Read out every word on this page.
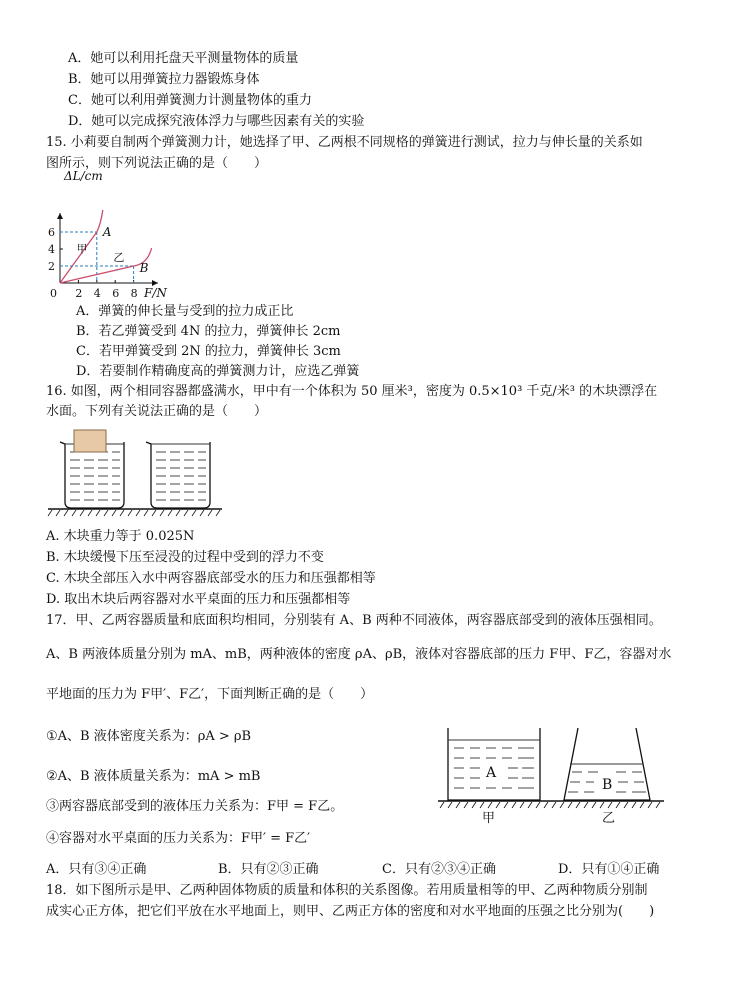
A．她可以利用托盘天平测量物体的质量
B．她可以用弹簧拉力器锻炼身体
C．她可以利用弹簧测力计测量物体的重力
D．她可以完成探究液体浮力与哪些因素有关的实验
15. 小莉要自制两个弹簧测力计，她选择了甲、乙两根不同规格的弹簧进行测试，拉力与伸长量的关系如
图所示，则下列说法正确的是（　　）
0 2 4 6 8
2
4
6
ΔL/cm
F/N
A
甲
B
乙
A．弹簧的伸长量与受到的拉力成正比
B．若乙弹簧受到 4N 的拉力，弹簧伸长 2cm
C．若甲弹簧受到 2N 的拉力，弹簧伸长 3cm
D．若要制作精确度高的弹簧测力计，应选乙弹簧
16. 如图，两个相同容器都盛满水，甲中有一个体积为 50 厘米³，密度为 0.5×10³ 千克/米³ 的木块漂浮在
水面。下列有关说法正确的是（　　）
A. 木块重力等于 0.025N
B. 木块缓慢下压至浸没的过程中受到的浮力不变
C. 木块全部压入水中两容器底部受水的压力和压强都相等
D. 取出木块后两容器对水平桌面的压力和压强都相等
17．甲、乙两容器质量和底面积均相同，分别装有 A、B 两种不同液体，两容器底部受到的液体压强相同。
A、B 两液体质量分别为 mA、mB，两种液体的密度 ρA、ρB，液体对容器底部的压力 F甲、F乙，容器对水
平地面的压力为 F甲′、F乙′，下面判断正确的是（　　）
①A、B 液体密度关系为：ρA > ρB
②A、B 液体质量关系为：mA > mB
③两容器底部受到的液体压力关系为：F甲 = F乙。
④容器对水平桌面的压力关系为：F甲′ = F乙′
A
B
甲	乙
A．只有③④正确	B．只有②③正确	C．只有②③④正确	D．只有①④正确
18．如下图所示是甲、乙两种固体物质的质量和体积的关系图像。若用质量相等的甲、乙两种物质分别制
成实心正方体，把它们平放在水平地面上，则甲、乙两正方体的密度和对水平地面的压强之比分别为(　　)
